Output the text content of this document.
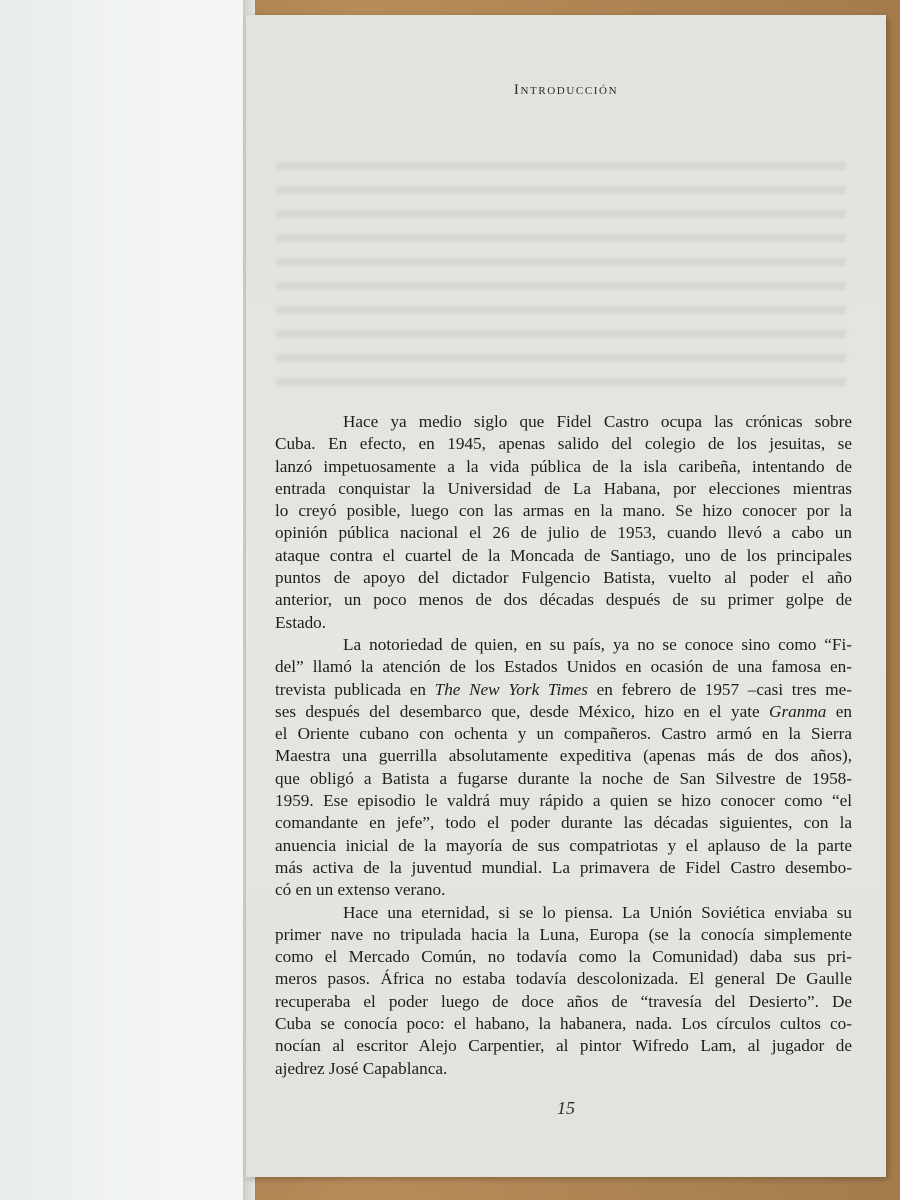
Introducción
Hace ya medio siglo que Fidel Castro ocupa las crónicas sobre
Cuba. En efecto, en 1945, apenas salido del colegio de los jesuitas, se
lanzó impetuosamente a la vida pública de la isla caribeña, intentando de
entrada conquistar la Universidad de La Habana, por elecciones mientras
lo creyó posible, luego con las armas en la mano. Se hizo conocer por la
opinión pública nacional el 26 de julio de 1953, cuando llevó a cabo un
ataque contra el cuartel de la Moncada de Santiago, uno de los principales
puntos de apoyo del dictador Fulgencio Batista, vuelto al poder el año
anterior, un poco menos de dos décadas después de su primer golpe de
Estado.
La notoriedad de quien, en su país, ya no se conoce sino como “Fi-
del” llamó la atención de los Estados Unidos en ocasión de una famosa en-
trevista publicada en The New York Times en febrero de 1957 –casi tres me-
ses después del desembarco que, desde México, hizo en el yate Granma en
el Oriente cubano con ochenta y un compañeros. Castro armó en la Sierra
Maestra una guerrilla absolutamente expeditiva (apenas más de dos años),
que obligó a Batista a fugarse durante la noche de San Silvestre de 1958-
1959. Ese episodio le valdrá muy rápido a quien se hizo conocer como “el
comandante en jefe”, todo el poder durante las décadas siguientes, con la
anuencia inicial de la mayoría de sus compatriotas y el aplauso de la parte
más activa de la juventud mundial. La primavera de Fidel Castro desembo-
có en un extenso verano.
Hace una eternidad, si se lo piensa. La Unión Soviética enviaba su
primer nave no tripulada hacia la Luna, Europa (se la conocía simplemente
como el Mercado Común, no todavía como la Comunidad) daba sus pri-
meros pasos. África no estaba todavía descolonizada. El general De Gaulle
recuperaba el poder luego de doce años de “travesía del Desierto”. De
Cuba se conocía poco: el habano, la habanera, nada. Los círculos cultos co-
nocían al escritor Alejo Carpentier, al pintor Wifredo Lam, al jugador de
ajedrez José Capablanca.
15
